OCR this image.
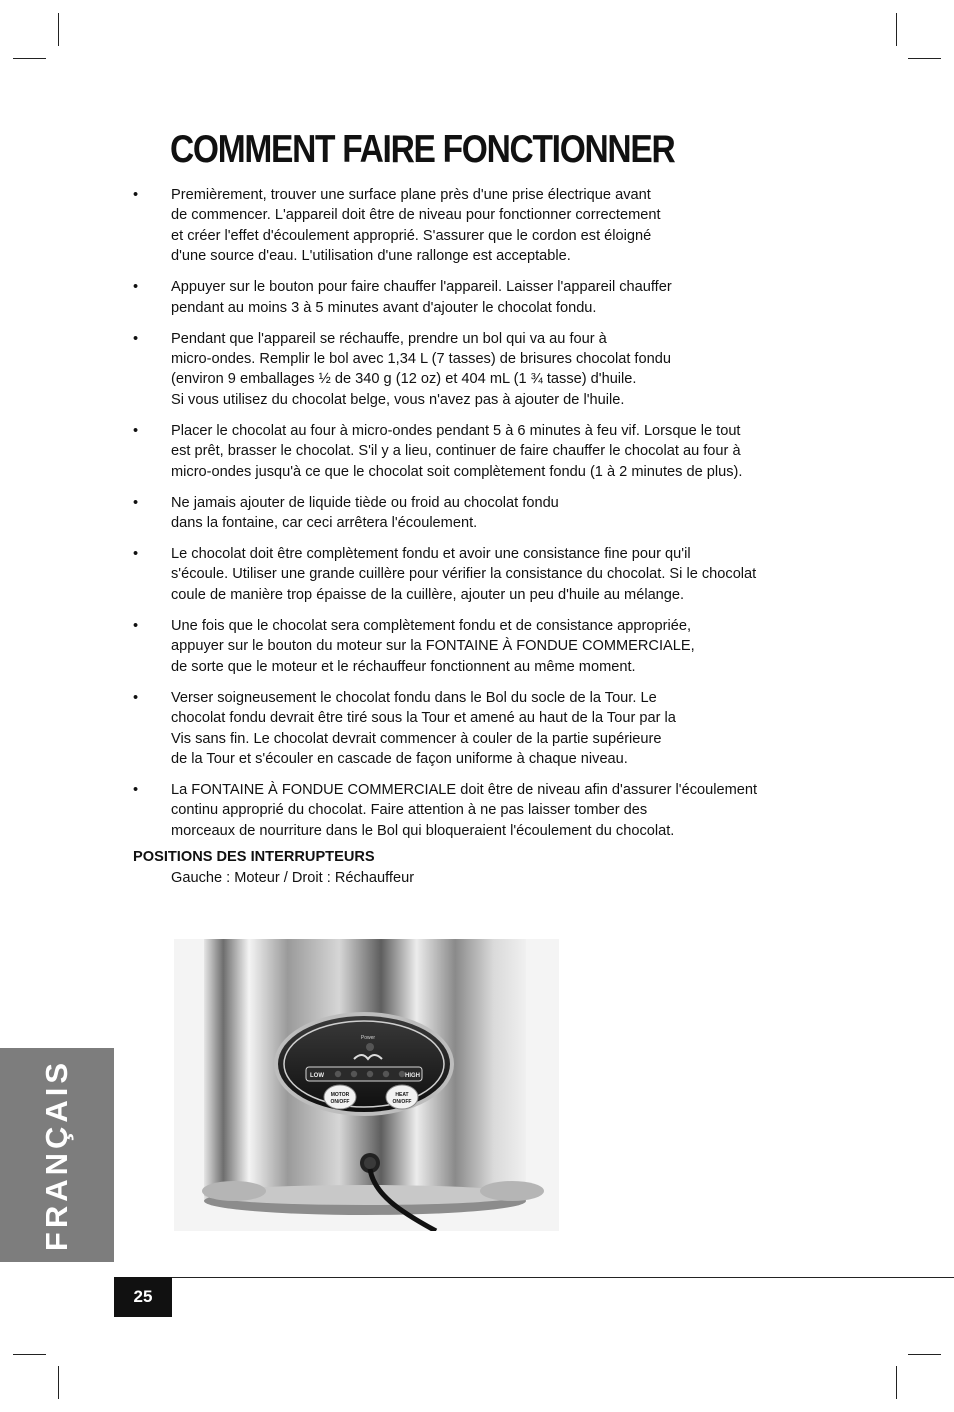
COMMENT FAIRE FONCTIONNER
• Premièrement, trouver une surface plane près d'une prise électrique avant
de commencer. L'appareil doit être de niveau pour fonctionner correctement
et créer l'effet d'écoulement approprié. S'assurer que le cordon est éloigné
d'une source d'eau. L'utilisation d'une rallonge est acceptable.
• Appuyer sur le bouton pour faire chauffer l'appareil. Laisser l'appareil chauffer
pendant au moins 3 à 5 minutes avant d'ajouter le chocolat fondu.
• Pendant que l'appareil se réchauffe, prendre un bol qui va au four à
micro-ondes. Remplir le bol avec 1,34 L (7 tasses) de brisures chocolat fondu
(environ 9 emballages ½ de 340 g (12 oz) et 404 mL (1 ¾ tasse) d'huile.
Si vous utilisez du chocolat belge, vous n'avez pas à ajouter de l'huile.
• Placer le chocolat au four à micro-ondes pendant 5 à 6 minutes à feu vif. Lorsque le tout
est prêt, brasser le chocolat. S'il y a lieu, continuer de faire chauffer le chocolat au four à
micro-ondes jusqu'à ce que le chocolat soit complètement fondu (1 à 2 minutes de plus).
• Ne jamais ajouter de liquide tiède ou froid au chocolat fondu
dans la fontaine, car ceci arrêtera l'écoulement.
• Le chocolat doit être complètement fondu et avoir une consistance fine pour qu'il
s'écoule. Utiliser une grande cuillère pour vérifier la consistance du chocolat. Si le chocolat
coule de manière trop épaisse de la cuillère, ajouter un peu d'huile au mélange.
• Une fois que le chocolat sera complètement fondu et de consistance appropriée,
appuyer sur le bouton du moteur sur la FONTAINE À FONDUE COMMERCIALE,
de sorte que le moteur et le réchauffeur fonctionnent au même moment.
• Verser soigneusement le chocolat fondu dans le Bol du socle de la Tour. Le
chocolat fondu devrait être tiré sous la Tour et amené au haut de la Tour par la
Vis sans fin. Le chocolat devrait commencer à couler de la partie supérieure
de la Tour et s'écouler en cascade de façon uniforme à chaque niveau.
• La FONTAINE À FONDUE COMMERCIALE doit être de niveau afin d'assurer l'écoulement
continu approprié du chocolat. Faire attention à ne pas laisser tomber des
morceaux de nourriture dans le Bol qui bloqueraient l'écoulement du chocolat.
POSITIONS DES INTERRUPTEURS
Gauche : Moteur / Droit : Réchauffeur
Power
LOW	HIGH
MOTOR
ON/OFF
HEAT
ON/OFF
FRANÇAIS
25
